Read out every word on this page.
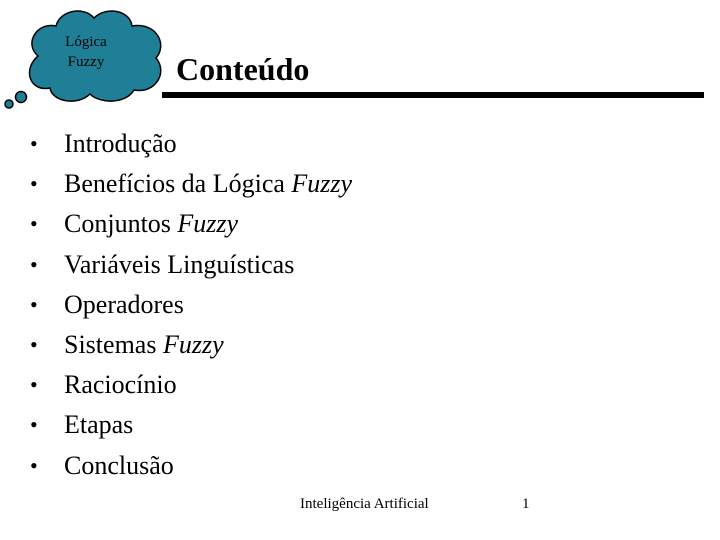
Lógica
Fuzzy	Conteúdo
• Introdução
• Benefícios da Lógica Fuzzy
• Conjuntos Fuzzy
• Variáveis Linguísticas
• Operadores
• Sistemas Fuzzy
• Raciocínio
• Etapas
• Conclusão
Inteligência Artificial	1
